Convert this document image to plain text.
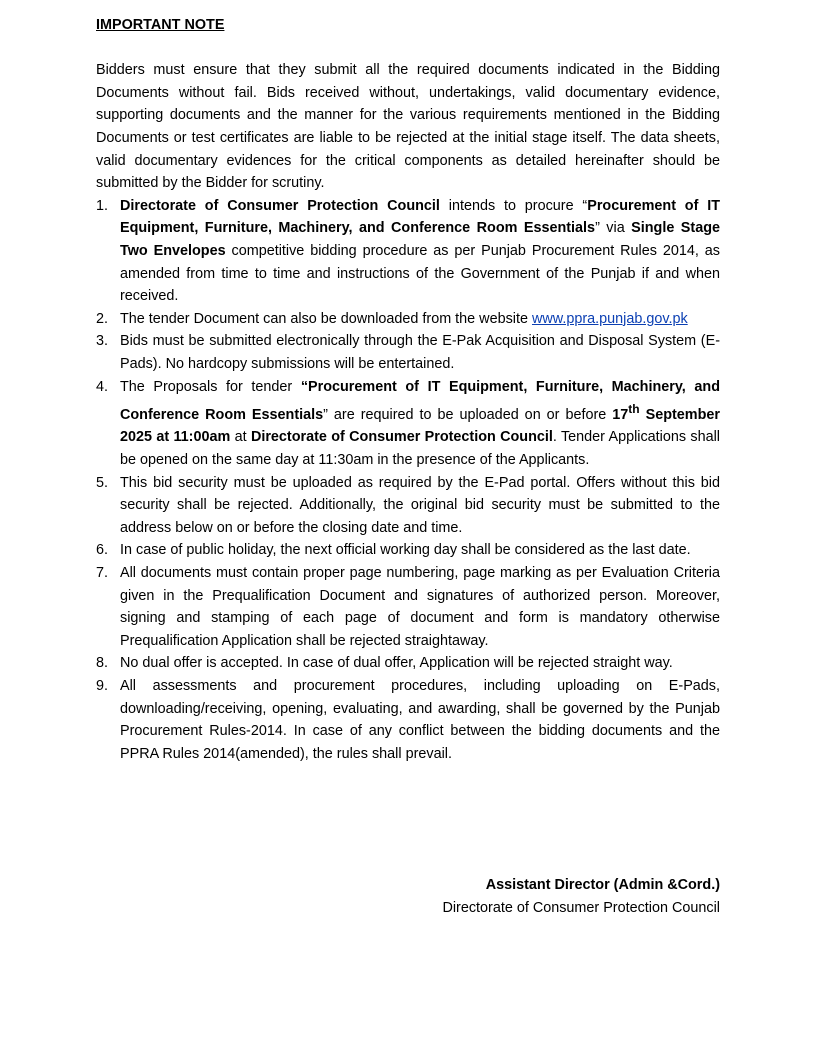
IMPORTANT NOTE

Bidders must ensure that they submit all the required documents indicated in the Bidding Documents without fail. Bids received without, undertakings, valid documentary evidence, supporting documents and the manner for the various requirements mentioned in the Bidding Documents or test certificates are liable to be rejected at the initial stage itself. The data sheets, valid documentary evidences for the critical components as detailed hereinafter should be submitted by the Bidder for scrutiny.

1. Directorate of Consumer Protection Council intends to procure “Procurement of IT Equipment, Furniture, Machinery, and Conference Room Essentials” via Single Stage Two Envelopes competitive bidding procedure as per Punjab Procurement Rules 2014, as amended from time to time and instructions of the Government of the Punjab if and when received.
2. The tender Document can also be downloaded from the website www.ppra.punjab.gov.pk
3. Bids must be submitted electronically through the E-Pak Acquisition and Disposal System (E-Pads). No hardcopy submissions will be entertained.
4. The Proposals for tender “Procurement of IT Equipment, Furniture, Machinery, and Conference Room Essentials” are required to be uploaded on or before 17th September 2025 at 11:00am at Directorate of Consumer Protection Council. Tender Applications shall be opened on the same day at 11:30am in the presence of the Applicants.
5. This bid security must be uploaded as required by the E-Pad portal. Offers without this bid security shall be rejected. Additionally, the original bid security must be submitted to the address below on or before the closing date and time.
6. In case of public holiday, the next official working day shall be considered as the last date.
7. All documents must contain proper page numbering, page marking as per Evaluation Criteria given in the Prequalification Document and signatures of authorized person. Moreover, signing and stamping of each page of document and form is mandatory otherwise Prequalification Application shall be rejected straightaway.
8. No dual offer is accepted. In case of dual offer, Application will be rejected straight way.
9. All assessments and procurement procedures, including uploading on E-Pads, downloading/receiving, opening, evaluating, and awarding, shall be governed by the Punjab Procurement Rules-2014. In case of any conflict between the bidding documents and the PPRA Rules 2014(amended), the rules shall prevail.
Assistant Director (Admin &Cord.)
Directorate of Consumer Protection Council
